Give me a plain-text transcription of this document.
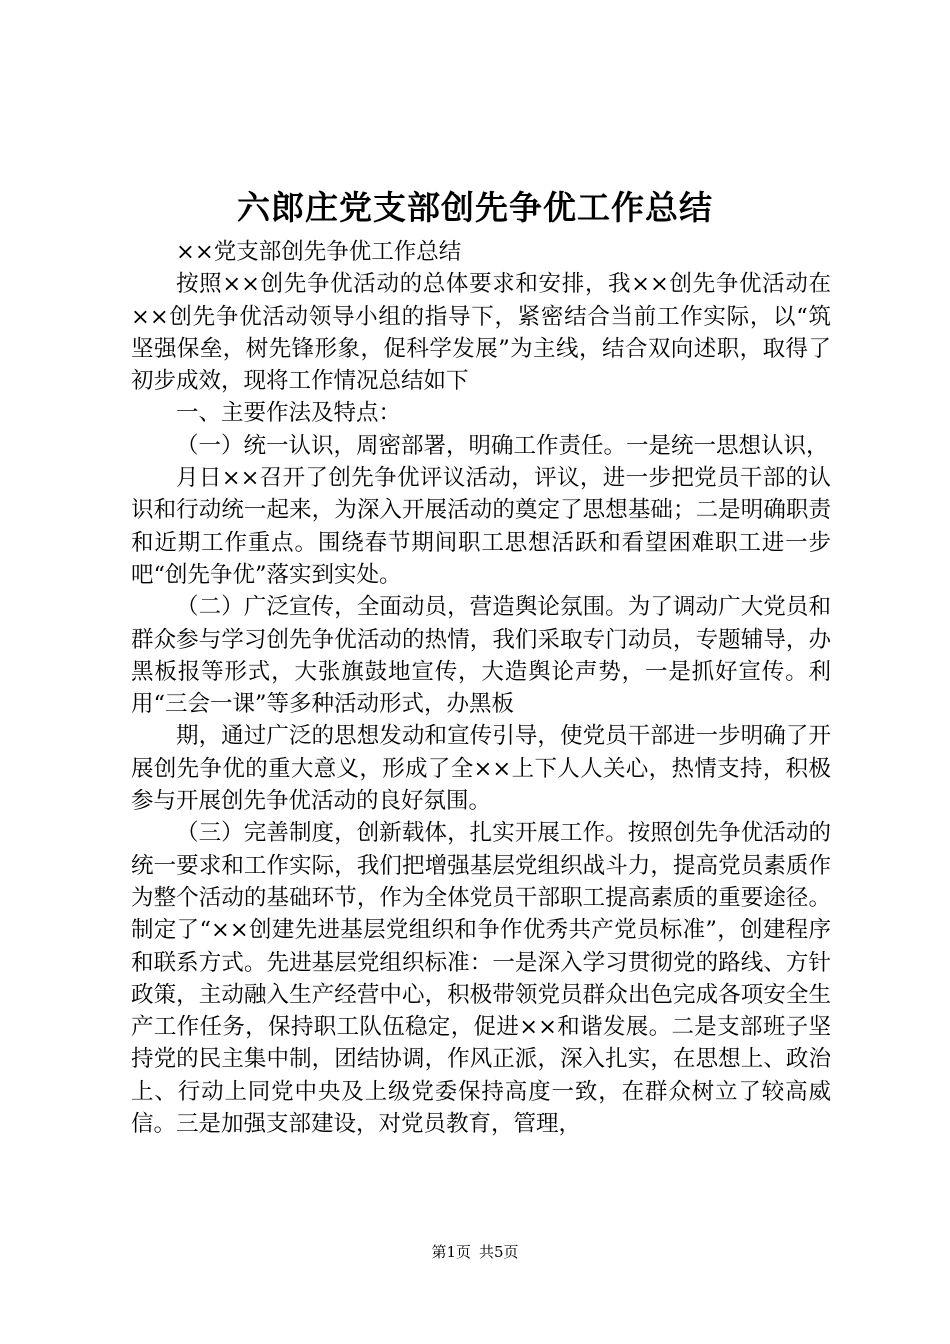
六郎庄党支部创先争优工作总结

××党支部创先争优工作总结

按照××创先争优活动的总体要求和安排，我××创先争优活动在××创先争优活动领导小组的指导下，紧密结合当前工作实际，以“筑坚强保垒，树先锋形象，促科学发展”为主线，结合双向述职，取得了初步成效，现将工作情况总结如下

一、主要作法及特点：

（一）统一认识，周密部署，明确工作责任。一是统一思想认识，

月日××召开了创先争优评议活动，评议，进一步把党员干部的认识和行动统一起来，为深入开展活动的奠定了思想基础；二是明确职责和近期工作重点。围绕春节期间职工思想活跃和看望困难职工进一步吧“创先争优”落实到实处。

（二）广泛宣传，全面动员，营造舆论氛围。为了调动广大党员和群众参与学习创先争优活动的热情，我们采取专门动员，专题辅导，办黑板报等形式，大张旗鼓地宣传，大造舆论声势，一是抓好宣传。利用“三会一课”等多种活动形式，办黑板

期，通过广泛的思想发动和宣传引导，使党员干部进一步明确了开展创先争优的重大意义，形成了全××上下人人关心，热情支持，积极参与开展创先争优活动的良好氛围。

（三）完善制度，创新载体，扎实开展工作。按照创先争优活动的统一要求和工作实际，我们把增强基层党组织战斗力，提高党员素质作为整个活动的基础环节，作为全体党员干部职工提高素质的重要途径。制定了“××创建先进基层党组织和争作优秀共产党员标准”，创建程序和联系方式。先进基层党组织标准：一是深入学习贯彻党的路线、方针政策，主动融入生产经营中心，积极带领党员群众出色完成各项安全生产工作任务，保持职工队伍稳定，促进××和谐发展。二是支部班子坚持党的民主集中制，团结协调，作风正派，深入扎实，在思想上、政治上、行动上同党中央及上级党委保持高度一致，在群众树立了较高威信。三是加强支部建设，对党员教育，管理，

第1页 共5页
